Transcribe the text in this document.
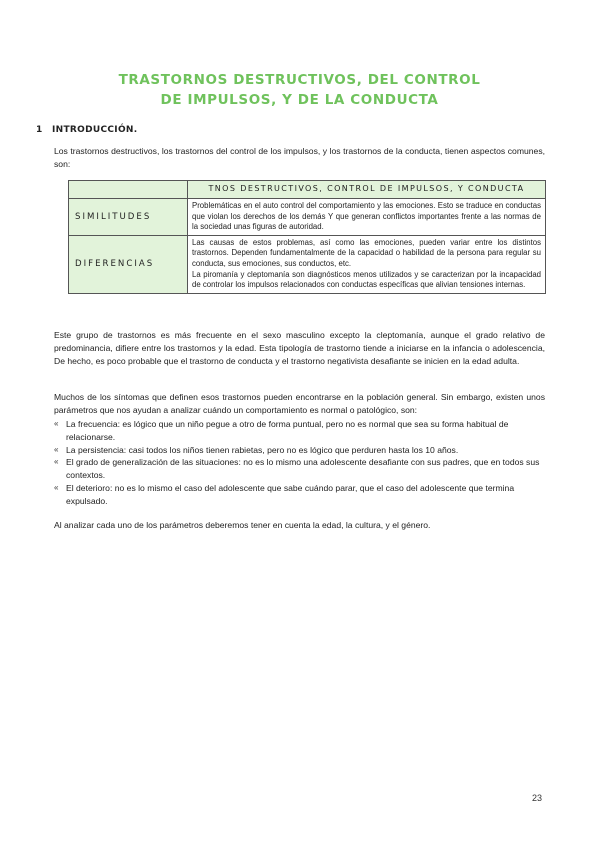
TRASTORNOS DESTRUCTIVOS, DEL CONTROL
DE IMPULSOS, Y DE LA CONDUCTA
1 INTRODUCCIÓN.
Los trastornos destructivos, los trastornos del control de los impulsos, y los trastornos de la conducta, tienen aspectos comunes, son:
	TNOS DESTRUCTIVOS, CONTROL DE IMPULSOS, Y CONDUCTA
SIMILITUDES	Problemáticas en el auto control del comportamiento y las emociones. Esto se traduce en conductas que violan los derechos de los demás Y que generan conflictos importantes frente a las normas de la sociedad unas figuras de autoridad.

DIFERENCIAS	Las causas de estos problemas, así como las emociones, pueden variar entre los distintos trastornos. Dependen fundamentalmente de la capacidad o habilidad de la persona para regular su conducta, sus emociones, sus conductos, etc.
La piromanía y cleptomanía son diagnósticos menos utilizados y se caracterizan por la incapacidad de controlar los impulsos relacionados con conductas específicas que alivian tensiones internas.
Este grupo de trastornos es más frecuente en el sexo masculino excepto la cleptomanía, aunque el grado relativo de predominancia, difiere entre los trastornos y la edad. Esta tipología de trastorno tiende a iniciarse en la infancia o adolescencia, De hecho, es poco probable que el trastorno de conducta y el trastorno negativista desafiante se inicien en la edad adulta.
Muchos de los síntomas que definen esos trastornos pueden encontrarse en la población general. Sin embargo, existen unos parámetros que nos ayudan a analizar cuándo un comportamiento es normal o patológico, son:
« La frecuencia: es lógico que un niño pegue a otro de forma puntual, pero no es normal que sea su forma habitual de relacionarse.
« La persistencia: casi todos los niños tienen rabietas, pero no es lógico que perduren hasta los 10 años.
« El grado de generalización de las situaciones: no es lo mismo una adolescente desafiante con sus padres, que en todos sus contextos.
« El deterioro: no es lo mismo el caso del adolescente que sabe cuándo parar, que el caso del adolescente que termina expulsado.
Al analizar cada uno de los parámetros deberemos tener en cuenta la edad, la cultura, y el género.
23
